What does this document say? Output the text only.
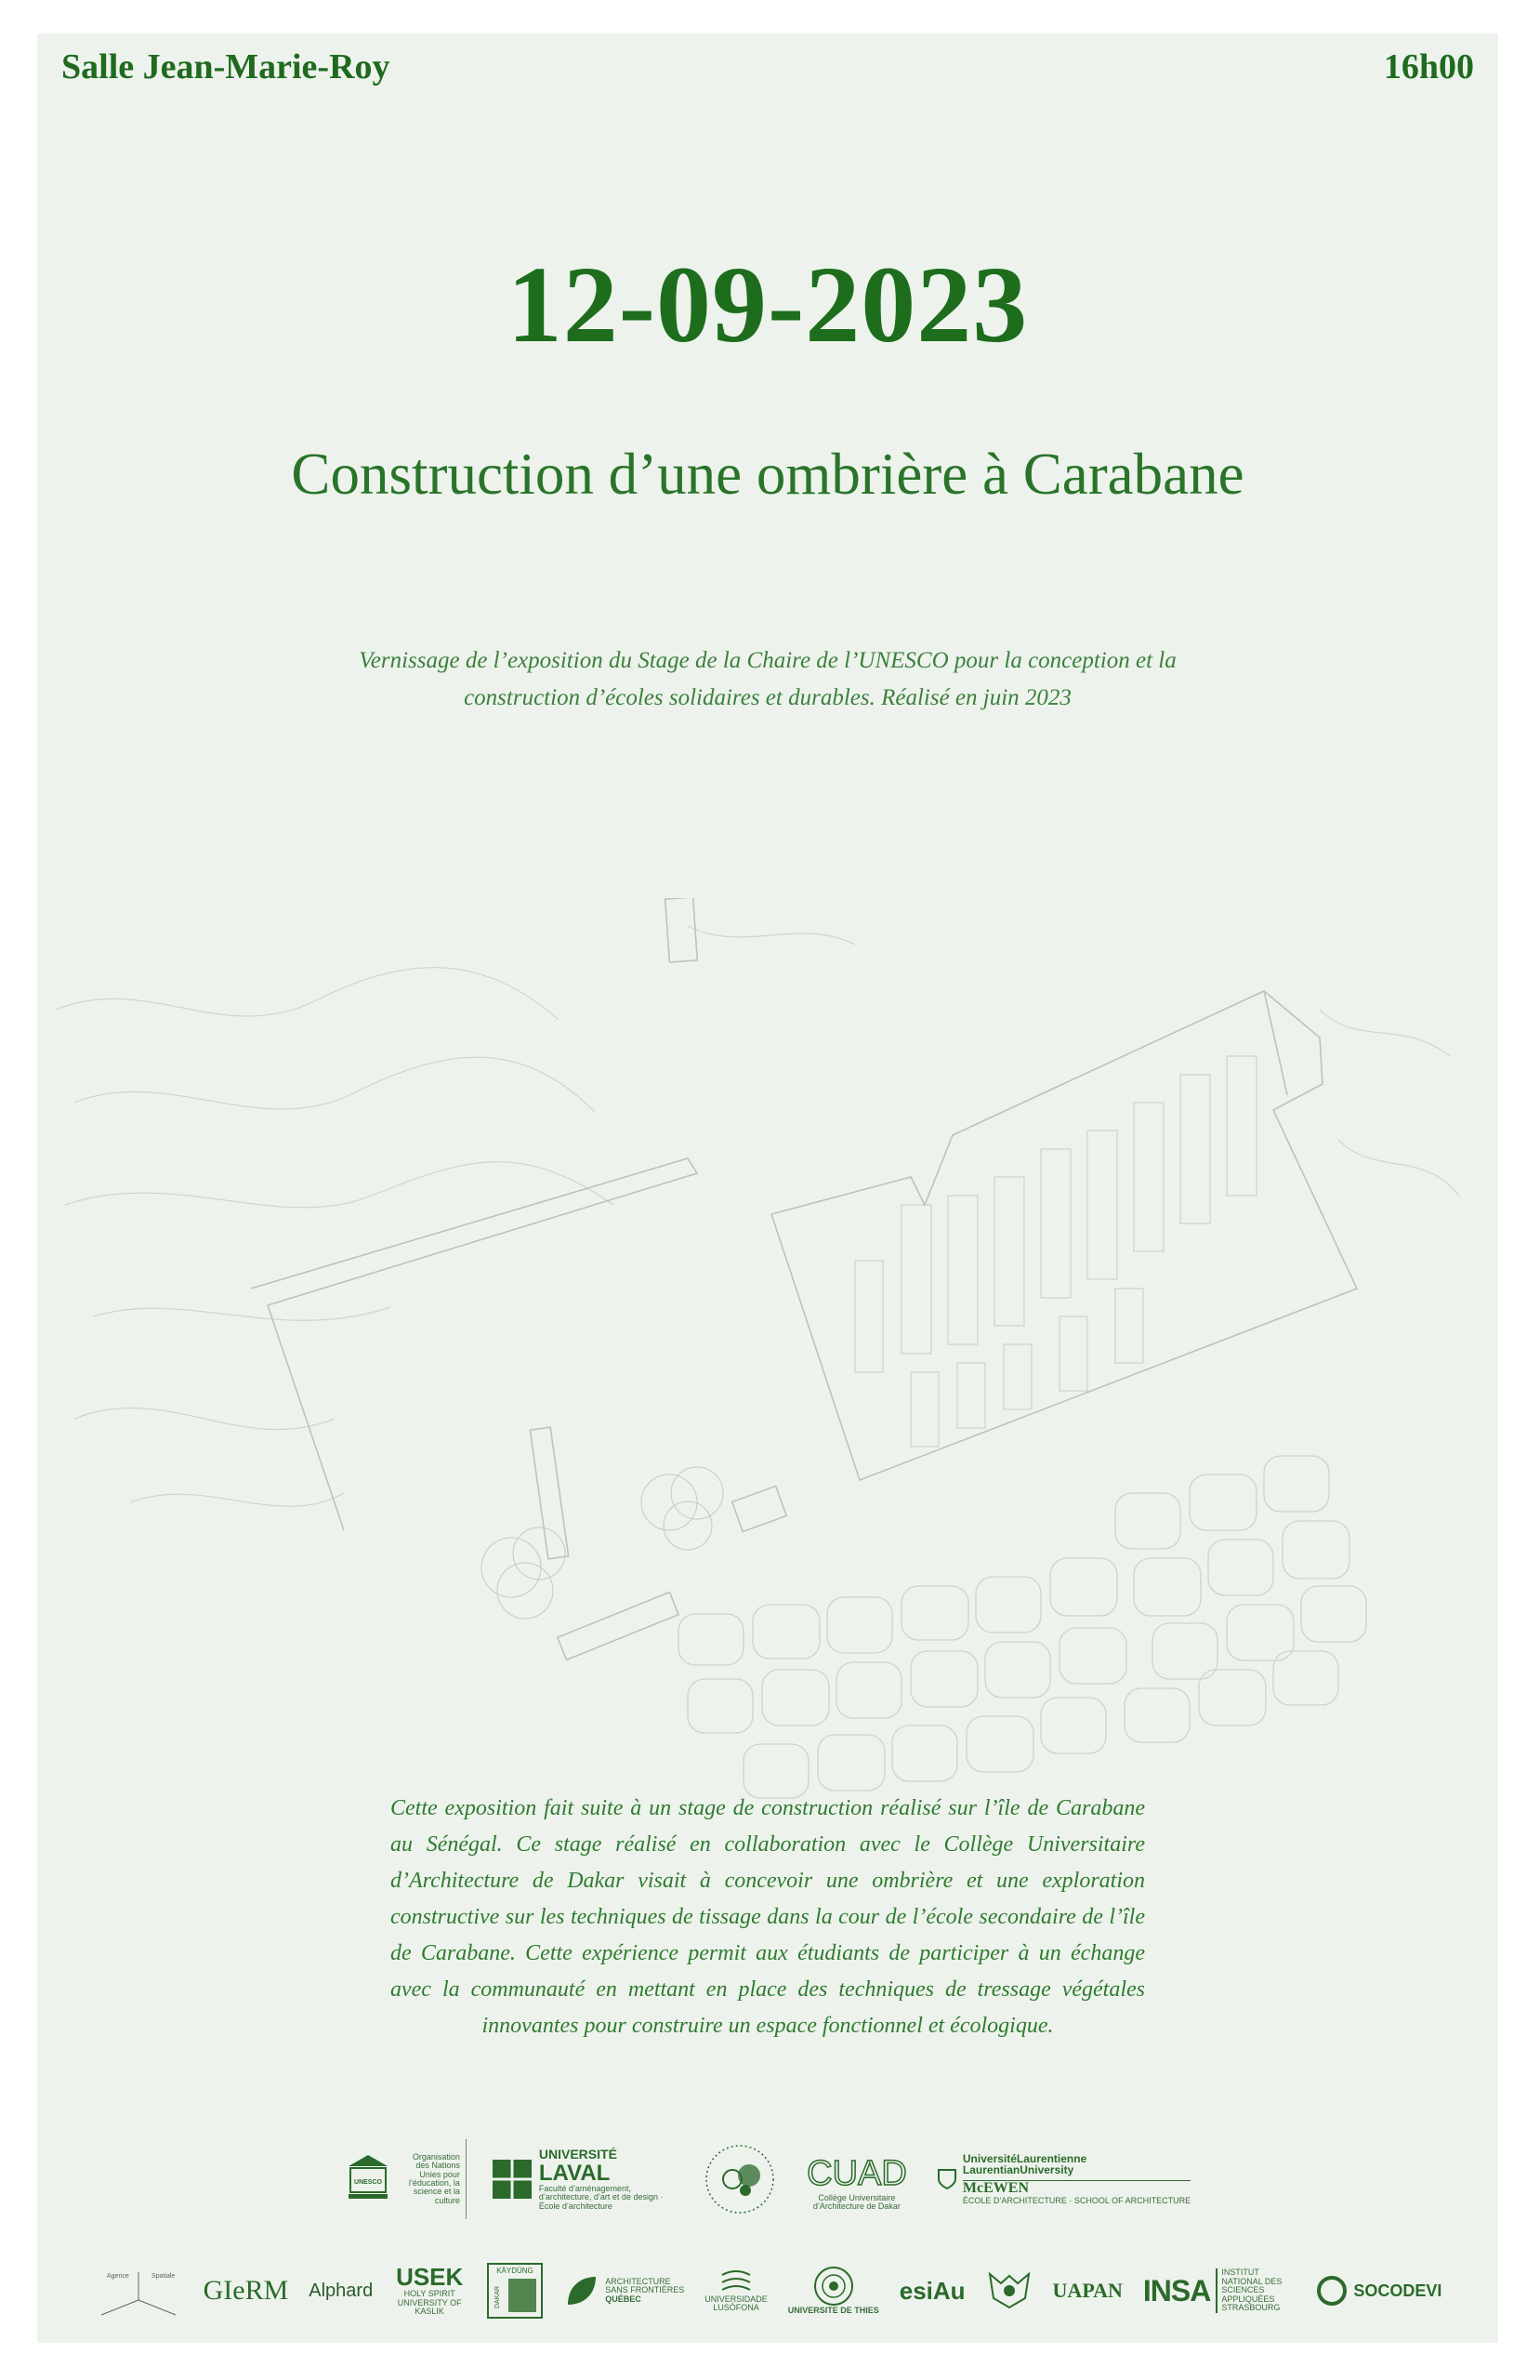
Salle Jean-Marie-Roy	16h00
12-09-2023
Construction d’une ombrière à Carabane
Vernissage de l’exposition du Stage de la Chaire de l’UNESCO pour la conception et la construction d’écoles solidaires et durables. Réalisé en juin 2023
Cette exposition fait suite à un stage de construction réalisé sur l’île de Carabane au Sénégal. Ce stage réalisé en collaboration avec le Collège Universitaire d’Architecture de Dakar visait à concevoir une ombrière et une exploration constructive sur les techniques de tissage dans la cour de l’école secondaire de l’île de Carabane. Cette expérience permit aux étudiants de participer à un échange avec la communauté en mettant en place des techniques de tressage végétales innovantes pour construire un espace fonctionnel et écologique.
UNESCO
Organisation des Nations Unies pour l’éducation, la science et la culture
UNIVERSITÉ
LAVAL
Faculté d’aménagement, d’architecture, d’art et de design · École d’architecture
CUAD
Collège Universitaire d’Architecture de Dakar
UniversitéLaurentienne
LaurentianUniversity
McEWEN
ÉCOLE D’ARCHITECTURE · SCHOOL OF ARCHITECTURE
Agence	Spatiale GIeRM Alphard USEK
HOLY SPIRIT UNIVERSITY OF KASLIK
KÄYDÜNG
DAKAR
ARCHITECTURE
SANS FRONTIÈRES
QUÉBEC	UNIVERSIDADE
LUSÓFONA	UNIVERSITE DE THIES
esiAu	UAPAN INSA
INSTITUT NATIONAL DES SCIENCES APPLIQUÉES STRASBOURG
SOCODEVI
